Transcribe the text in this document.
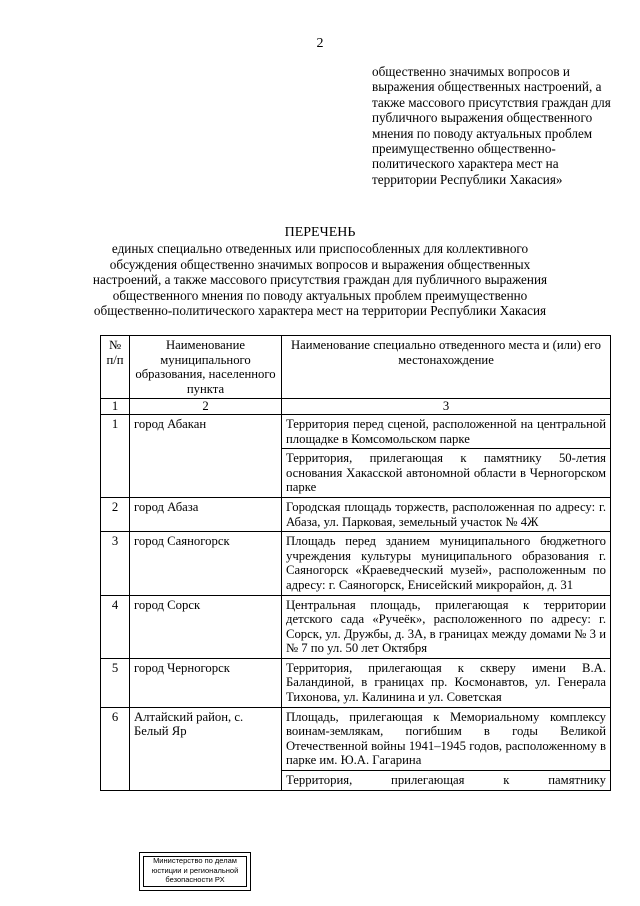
2
общественно значимых вопросов и выражения общественных настроений, а также массового присутствия граждан для публичного выражения общественного мнения по поводу актуальных проблем преимущественно общественно-политического характера мест на территории Республики Хакасия»
ПЕРЕЧЕНЬ
единых специально отведенных или приспособленных для коллективного обсуждения общественно значимых вопросов и выражения общественных настроений, а также массового присутствия граждан для публичного выражения общественного мнения по поводу актуальных проблем преимущественно общественно-политического характера мест на территории Республики Хакасия
№ п/п	Наименование муниципального образования, населенного пункта	Наименование специально отведенного места и (или) его местонахождение
1	2	3
1	город Абакан	Территория перед сценой, расположенной на центральной площадке в Комсомольском парке
		Территория, прилегающая к памятнику 50-летия основания Хакасской автономной области в Черногорском парке
2	город Абаза	Городская площадь торжеств, расположенная по адресу: г. Абаза, ул. Парковая, земельный участок № 4Ж
3	город Саяногорск	Площадь перед зданием муниципального бюджетного учреждения культуры муниципального образования г. Саяногорск «Краеведческий музей», расположенным по адресу: г. Саяногорск, Енисейский микрорайон, д. 31
4	город Сорск	Центральная площадь, прилегающая к территории детского сада «Ручеёк», расположенного по адресу: г. Сорск, ул. Дружбы, д. 3А, в границах между домами № 3 и № 7 по ул. 50 лет Октября
5	город Черногорск	Территория, прилегающая к скверу имени В.А. Баландиной, в границах пр. Космонавтов, ул. Генерала Тихонова, ул. Калинина и ул. Советская
6	Алтайский район, с. Белый Яр	Площадь, прилегающая к Мемориальному комплексу воинам-землякам, погибшим в годы Великой Отечественной войны 1941–1945 годов, расположенному в парке им. Ю.А. Гагарина
		Территория, прилегающая к памятнику
Министерство по делам
юстиции и региональной
безопасности РХ
